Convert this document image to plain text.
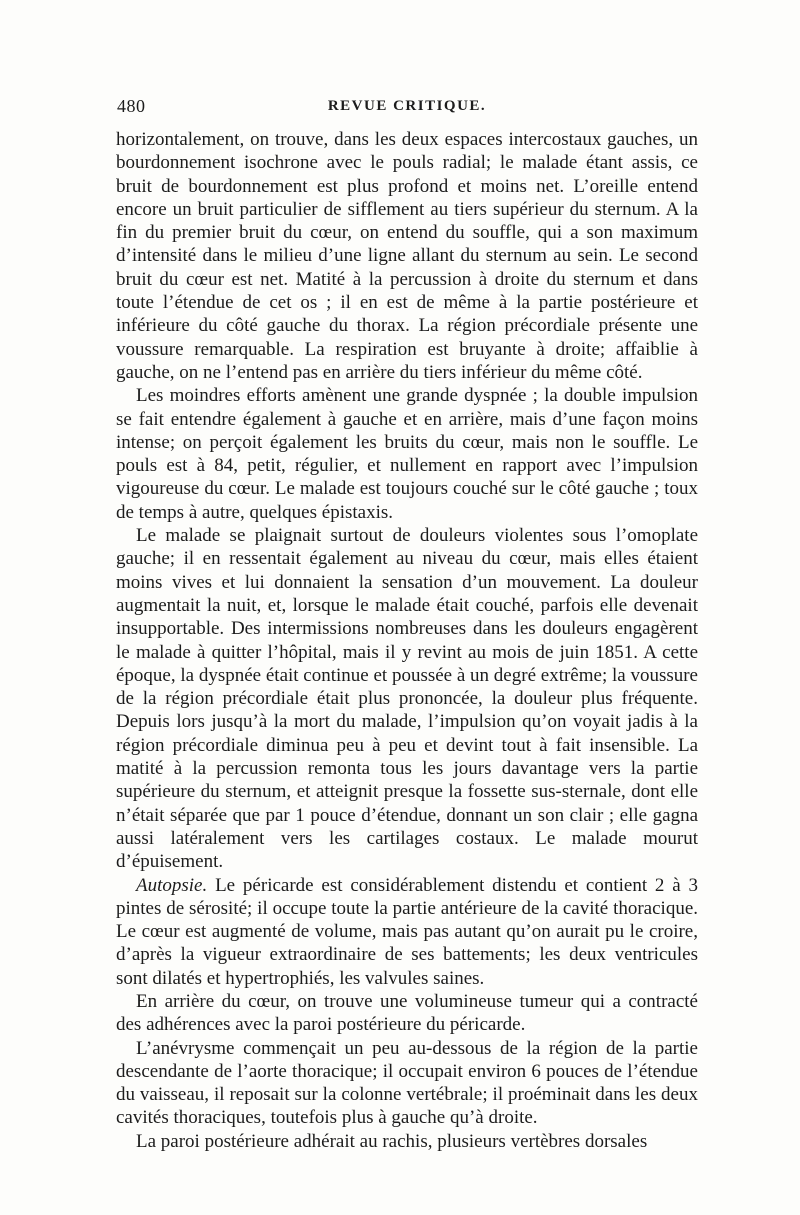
480	REVUE CRITIQUE.

horizontalement, on trouve, dans les deux espaces intercostaux gauches, un bourdonnement isochrone avec le pouls radial; le malade étant assis, ce bruit de bourdonnement est plus profond et moins net. L’oreille entend encore un bruit particulier de sifflement au tiers supérieur du sternum. A la fin du premier bruit du cœur, on entend du souffle, qui a son maximum d’intensité dans le milieu d’une ligne allant du sternum au sein. Le second bruit du cœur est net. Matité à la percussion à droite du sternum et dans toute l’étendue de cet os ; il en est de même à la partie postérieure et inférieure du côté gauche du thorax. La région précordiale présente une voussure remarquable. La respiration est bruyante à droite; affaiblie à gauche, on ne l’entend pas en arrière du tiers inférieur du même côté.

Les moindres efforts amènent une grande dyspnée ; la double impulsion se fait entendre également à gauche et en arrière, mais d’une façon moins intense; on perçoit également les bruits du cœur, mais non le souffle. Le pouls est à 84, petit, régulier, et nullement en rapport avec l’impulsion vigoureuse du cœur. Le malade est toujours couché sur le côté gauche ; toux de temps à autre, quelques épistaxis.

Le malade se plaignait surtout de douleurs violentes sous l’omoplate gauche; il en ressentait également au niveau du cœur, mais elles étaient moins vives et lui donnaient la sensation d’un mouvement. La douleur augmentait la nuit, et, lorsque le malade était couché, parfois elle devenait insupportable. Des intermissions nombreuses dans les douleurs engagèrent le malade à quitter l’hôpital, mais il y revint au mois de juin 1851. A cette époque, la dyspnée était continue et poussée à un degré extrême; la voussure de la région précordiale était plus prononcée, la douleur plus fréquente. Depuis lors jusqu’à la mort du malade, l’impulsion qu’on voyait jadis à la région précordiale diminua peu à peu et devint tout à fait insensible. La matité à la percussion remonta tous les jours davantage vers la partie supérieure du sternum, et atteignit presque la fossette sus-sternale, dont elle n’était séparée que par 1 pouce d’étendue, donnant un son clair ; elle gagna aussi latéralement vers les cartilages costaux. Le malade mourut d’épuisement.

Autopsie. Le péricarde est considérablement distendu et contient 2 à 3 pintes de sérosité; il occupe toute la partie antérieure de la cavité thoracique. Le cœur est augmenté de volume, mais pas autant qu’on aurait pu le croire, d’après la vigueur extraordinaire de ses battements; les deux ventricules sont dilatés et hypertrophiés, les valvules saines.

En arrière du cœur, on trouve une volumineuse tumeur qui a contracté des adhérences avec la paroi postérieure du péricarde.

L’anévrysme commençait un peu au-dessous de la région de la partie descendante de l’aorte thoracique; il occupait environ 6 pouces de l’étendue du vaisseau, il reposait sur la colonne vertébrale; il proéminait dans les deux cavités thoraciques, toutefois plus à gauche qu’à droite.

La paroi postérieure adhérait au rachis, plusieurs vertèbres dorsales
